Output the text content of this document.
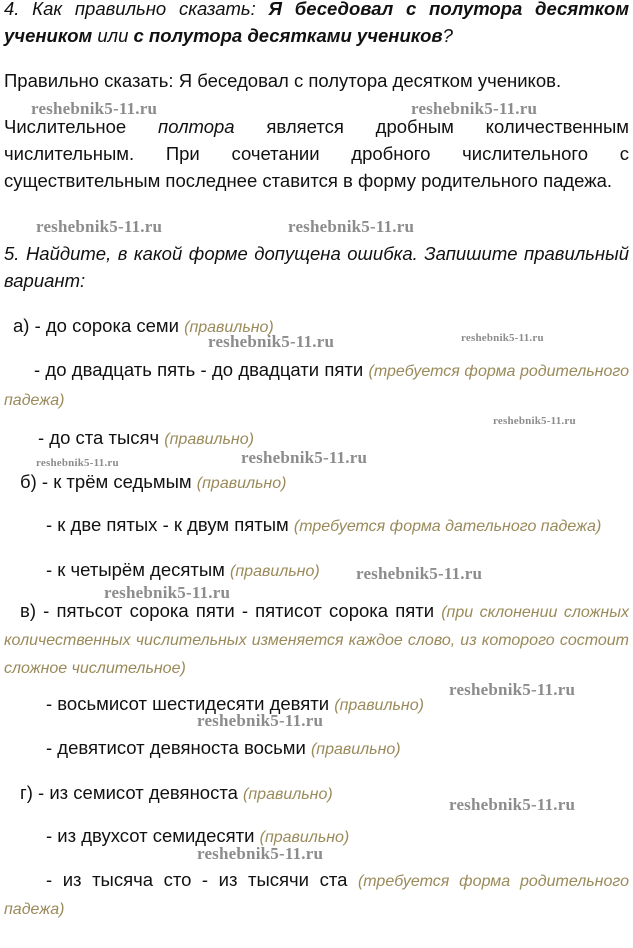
4. Как правильно сказать: Я беседовал с полутора десятком учеником или с полутора десятками учеников?
Правильно сказать: Я беседовал с полутора десятком учеников.
Числительное полтора является дробным количественным числительным. При сочетании дробного числительного с существительным последнее ставится в форму родительного падежа.
5. Найдите, в какой форме допущена ошибка. Запишите правильный вариант:
а) - до сорока семи (правильно)
- до двадцать пять - до двадцати пяти (требуется форма родительного падежа)
- до ста тысяч (правильно)
б) - к трём седьмым (правильно)
- к две пятых - к двум пятым (требуется форма дательного падежа)
- к четырём десятым (правильно)
в) - пятьсот сорока пяти - пятисот сорока пяти (при склонении сложных количественных числительных изменяется каждое слово, из которого состоит сложное числительное)
- восьмисот шестидесяти девяти (правильно)
- девятисот девяноста восьми (правильно)
г) - из семисот девяноста (правильно)
- из двухсот семидесяти (правильно)
- из тысяча сто - из тысячи ста (требуется форма родительного падежа)
reshebnik5-11.ru	reshebnik5-11.ru
reshebnik5-11.ru	reshebnik5-11.ru
reshebnik5-11.ru	reshebnik5-11.ru
reshebnik5-11.ru
reshebnik5-11.ru
reshebnik5-11.ru
reshebnik5-11.ru
reshebnik5-11.ru
reshebnik5-11.ru
reshebnik5-11.ru
reshebnik5-11.ru
reshebnik5-11.ru
